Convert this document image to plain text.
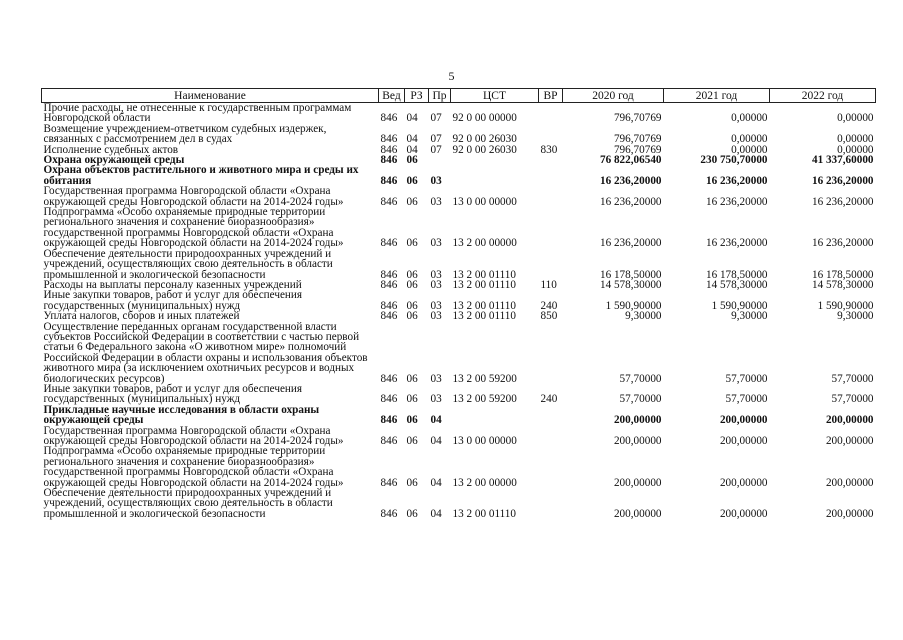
5
Наименование	Вед	РЗ	Пр	ЦСТ	ВР	2020 год	2021 год	2022 год
Прочие расходы, не отнесенные к государственным программам Новгородской области	846	04	07	92 0 00 00000		796,70769	0,00000	0,00000
Возмещение учреждением-ответчиком судебных издержек, связанных с рассмотрением дел в судах	846	04	07	92 0 00 26030		796,70769	0,00000	0,00000
Исполнение судебных актов	846	04	07	92 0 00 26030	830	796,70769	0,00000	0,00000
Охрана окружающей среды	846	06				76 822,06540	230 750,70000	41 337,60000
Охрана объектов растительного и животного мира и среды их обитания	846	06	03			16 236,20000	16 236,20000	16 236,20000
Государственная программа Новгородской области «Охрана окружающей среды Новгородской области на 2014-2024 годы»	846	06	03	13 0 00 00000		16 236,20000	16 236,20000	16 236,20000
Подпрограмма «Особо охраняемые природные территории регионального значения и сохранение биоразнообразия» государственной программы Новгородской области «Охрана окружающей среды Новгородской области на 2014-2024 годы»	846	06	03	13 2 00 00000		16 236,20000	16 236,20000	16 236,20000
Обеспечение деятельности природоохранных учреждений и учреждений, осуществляющих свою деятельность в области промышленной и экологической безопасности	846	06	03	13 2 00 01110		16 178,50000	16 178,50000	16 178,50000
Расходы на выплаты персоналу казенных учреждений	846	06	03	13 2 00 01110	110	14 578,30000	14 578,30000	14 578,30000
Иные закупки товаров, работ и услуг для обеспечения государственных (муниципальных) нужд	846	06	03	13 2 00 01110	240	1 590,90000	1 590,90000	1 590,90000
Уплата налогов, сборов и иных платежей	846	06	03	13 2 00 01110	850	9,30000	9,30000	9,30000
Осуществление переданных органам государственной власти субъектов Российской Федерации в соответствии с частью первой статьи 6 Федерального закона «О животном мире» полномочий Российской Федерации в области охраны и использования объектов животного мира (за исключением охотничьих ресурсов и водных биологических ресурсов)	846	06	03	13 2 00 59200		57,70000	57,70000	57,70000
Иные закупки товаров, работ и услуг для обеспечения государственных (муниципальных) нужд	846	06	03	13 2 00 59200	240	57,70000	57,70000	57,70000
Прикладные научные исследования в области охраны окружающей среды	846	06	04			200,00000	200,00000	200,00000
Государственная программа Новгородской области «Охрана окружающей среды Новгородской области на 2014-2024 годы»	846	06	04	13 0 00 00000		200,00000	200,00000	200,00000
Подпрограмма «Особо охраняемые природные территории регионального значения и сохранение биоразнообразия» государственной программы Новгородской области «Охрана окружающей среды Новгородской области на 2014-2024 годы»	846	06	04	13 2 00 00000		200,00000	200,00000	200,00000
Обеспечение деятельности природоохранных учреждений и учреждений, осуществляющих свою деятельность в области промышленной и экологической безопасности	846	06	04	13 2 00 01110		200,00000	200,00000	200,00000
